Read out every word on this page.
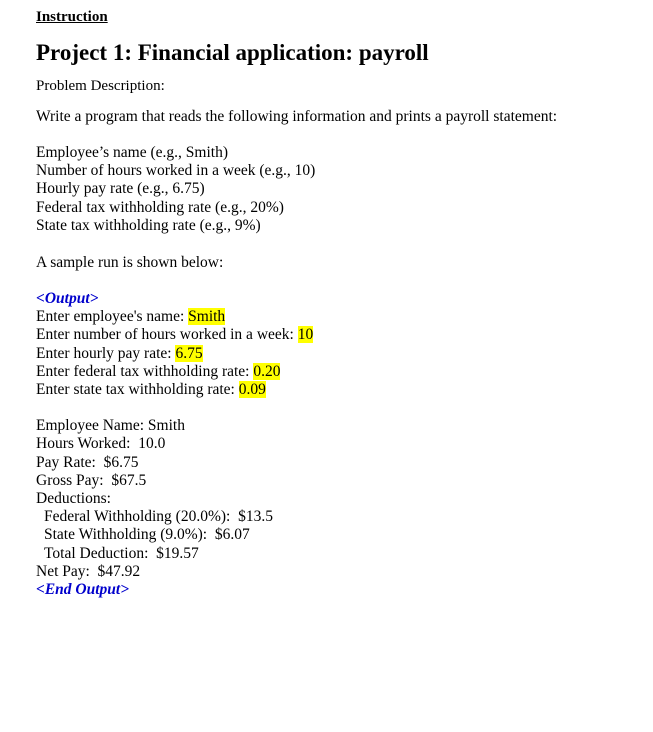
Instruction
Project 1: Financial application: payroll
Problem Description:
Write a program that reads the following information and prints a payroll statement:
Employee’s name (e.g., Smith)
Number of hours worked in a week (e.g., 10)
Hourly pay rate (e.g., 6.75)
Federal tax withholding rate (e.g., 20%)
State tax withholding rate (e.g., 9%)
A sample run is shown below:
<Output>
Enter employee's name: Smith
Enter number of hours worked in a week: 10
Enter hourly pay rate: 6.75
Enter federal tax withholding rate: 0.20
Enter state tax withholding rate: 0.09
Employee Name: Smith
Hours Worked:  10.0
Pay Rate:  $6.75
Gross Pay:  $67.5
Deductions:
Federal Withholding (20.0%):  $13.5
State Withholding (9.0%):  $6.07
Total Deduction:  $19.57
Net Pay:  $47.92
<End Output>
